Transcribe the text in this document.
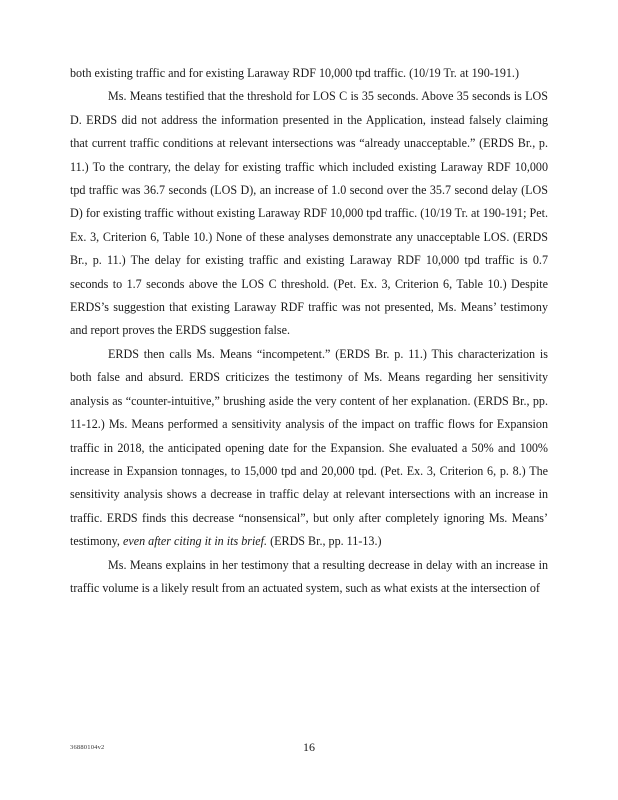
both existing traffic and for existing Laraway RDF 10,000 tpd traffic. (10/19 Tr. at 190-191.)

Ms. Means testified that the threshold for LOS C is 35 seconds. Above 35 seconds is LOS D. ERDS did not address the information presented in the Application, instead falsely claiming that current traffic conditions at relevant intersections was “already unacceptable.” (ERDS Br., p. 11.) To the contrary, the delay for existing traffic which included existing Laraway RDF 10,000 tpd traffic was 36.7 seconds (LOS D), an increase of 1.0 second over the 35.7 second delay (LOS D) for existing traffic without existing Laraway RDF 10,000 tpd traffic. (10/19 Tr. at 190-191; Pet. Ex. 3, Criterion 6, Table 10.) None of these analyses demonstrate any unacceptable LOS. (ERDS Br., p. 11.) The delay for existing traffic and existing Laraway RDF 10,000 tpd traffic is 0.7 seconds to 1.7 seconds above the LOS C threshold. (Pet. Ex. 3, Criterion 6, Table 10.) Despite ERDS’s suggestion that existing Laraway RDF traffic was not presented, Ms. Means’ testimony and report proves the ERDS suggestion false.

ERDS then calls Ms. Means “incompetent.” (ERDS Br. p. 11.) This characterization is both false and absurd. ERDS criticizes the testimony of Ms. Means regarding her sensitivity analysis as “counter-intuitive,” brushing aside the very content of her explanation. (ERDS Br., pp. 11-12.) Ms. Means performed a sensitivity analysis of the impact on traffic flows for Expansion traffic in 2018, the anticipated opening date for the Expansion. She evaluated a 50% and 100% increase in Expansion tonnages, to 15,000 tpd and 20,000 tpd. (Pet. Ex. 3, Criterion 6, p. 8.) The sensitivity analysis shows a decrease in traffic delay at relevant intersections with an increase in traffic. ERDS finds this decrease “nonsensical”, but only after completely ignoring Ms. Means’ testimony, even after citing it in its brief. (ERDS Br., pp. 11-13.)

Ms. Means explains in her testimony that a resulting decrease in delay with an increase in traffic volume is a likely result from an actuated system, such as what exists at the intersection of

36880104v2	16
